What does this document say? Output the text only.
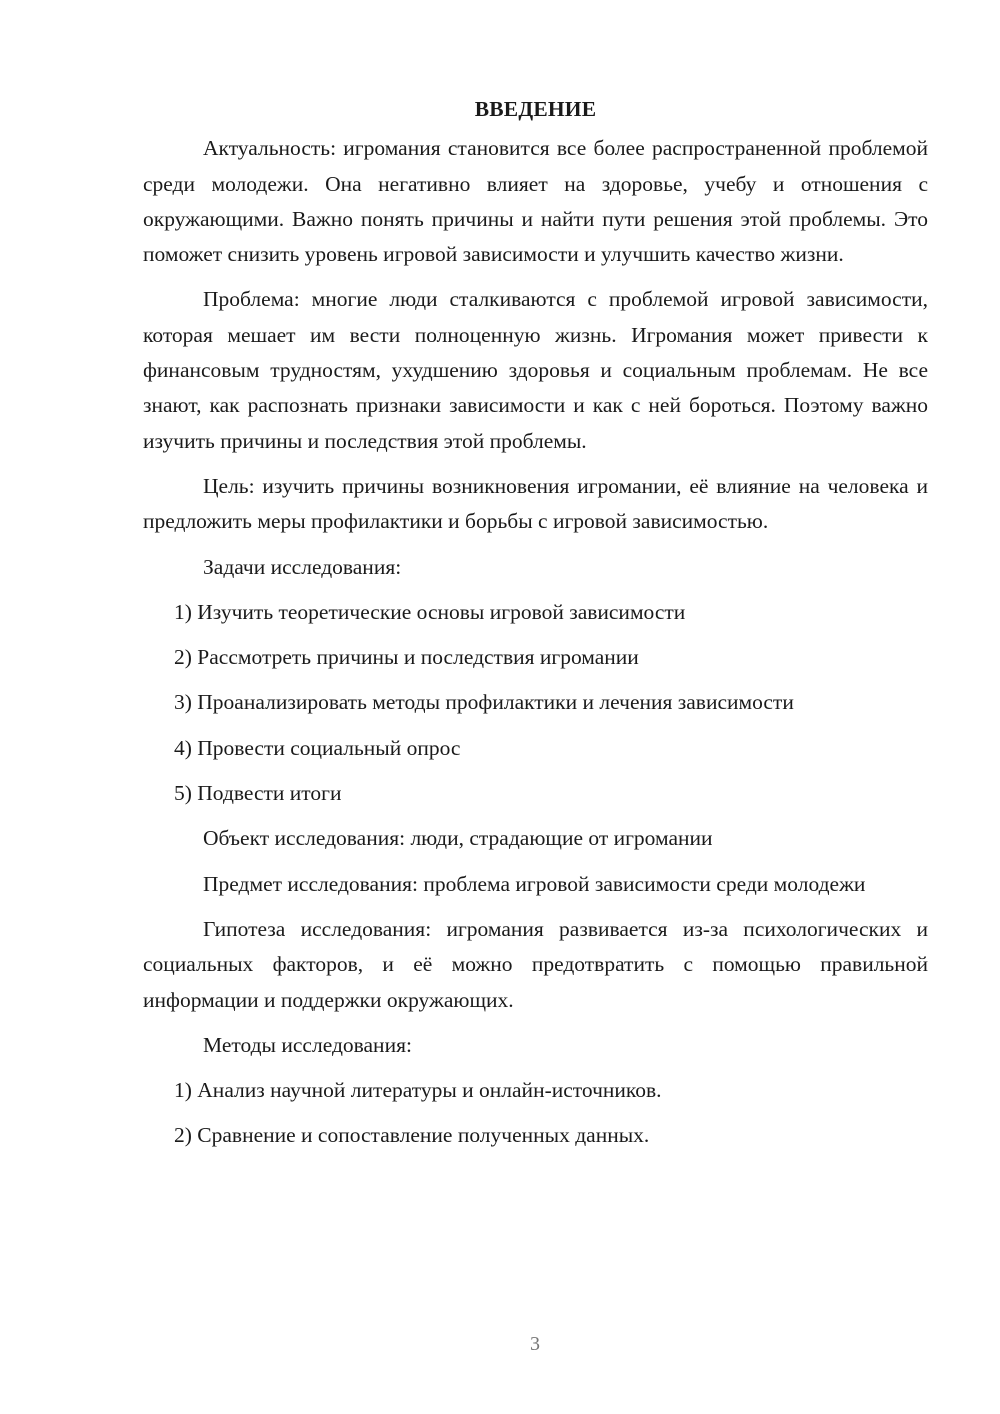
ВВЕДЕНИЕ
Актуальность: игромания становится все более распространенной проблемой среди молодежи. Она негативно влияет на здоровье, учебу и отношения с окружающими. Важно понять причины и найти пути решения этой проблемы. Это поможет снизить уровень игровой зависимости и улучшить качество жизни.
Проблема: многие люди сталкиваются с проблемой игровой зависимости, которая мешает им вести полноценную жизнь. Игромания может привести к финансовым трудностям, ухудшению здоровья и социальным проблемам. Не все знают, как распознать признаки зависимости и как с ней бороться. Поэтому важно изучить причины и последствия этой проблемы.
Цель: изучить причины возникновения игромании, её влияние на человека и предложить меры профилактики и борьбы с игровой зависимостью.
Задачи исследования:
1) Изучить теоретические основы игровой зависимости
2) Рассмотреть причины и последствия игромании
3) Проанализировать методы профилактики и лечения зависимости
4) Провести социальный опрос
5) Подвести итоги
Объект исследования: люди, страдающие от игромании
Предмет исследования: проблема игровой зависимости среди молодежи
Гипотеза исследования: игромания развивается из-за психологических и социальных факторов, и её можно предотвратить с помощью правильной информации и поддержки окружающих.
Методы исследования:
1) Анализ научной литературы и онлайн-источников.
2) Сравнение и сопоставление полученных данных.
3
